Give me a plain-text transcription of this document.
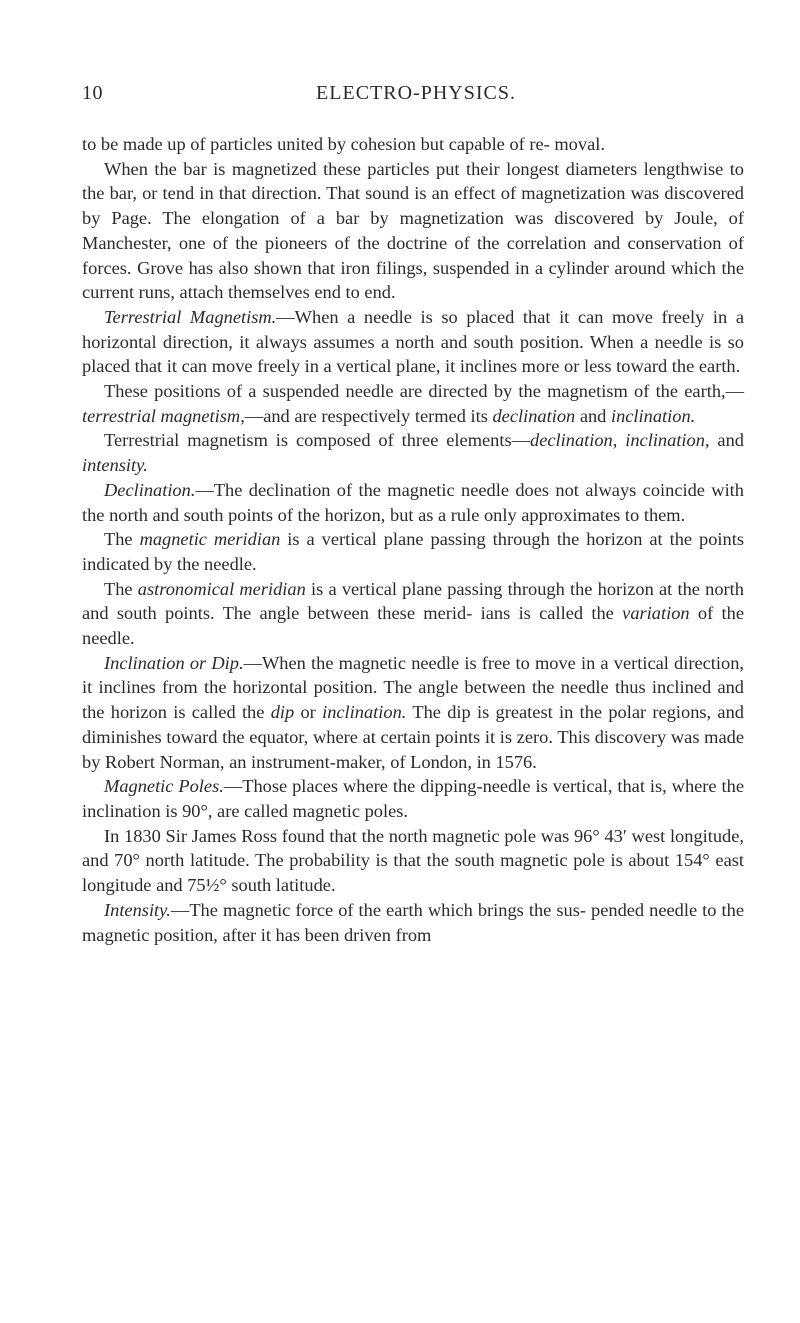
10	ELECTRO-PHYSICS.

to be made up of particles united by cohesion but capable of re- moval.

When the bar is magnetized these particles put their longest diameters lengthwise to the bar, or tend in that direction. That sound is an effect of magnetization was discovered by Page. The elongation of a bar by magnetization was discovered by Joule, of Manchester, one of the pioneers of the doctrine of the correlation and conservation of forces. Grove has also shown that iron filings, suspended in a cylinder around which the current runs, attach themselves end to end.

Terrestrial Magnetism.—When a needle is so placed that it can move freely in a horizontal direction, it always assumes a north and south position. When a needle is so placed that it can move freely in a vertical plane, it inclines more or less toward the earth.

These positions of a suspended needle are directed by the magnetism of the earth,—terrestrial magnetism,—and are respectively termed its declination and inclination.

Terrestrial magnetism is composed of three elements—declination, inclination, and intensity.

Declination.—The declination of the magnetic needle does not always coincide with the north and south points of the horizon, but as a rule only approximates to them.

The magnetic meridian is a vertical plane passing through the horizon at the points indicated by the needle.

The astronomical meridian is a vertical plane passing through the horizon at the north and south points. The angle between these merid- ians is called the variation of the needle.

Inclination or Dip.—When the magnetic needle is free to move in a vertical direction, it inclines from the horizontal position. The angle between the needle thus inclined and the horizon is called the dip or inclination. The dip is greatest in the polar regions, and diminishes toward the equator, where at certain points it is zero. This discovery was made by Robert Norman, an instrument-maker, of London, in 1576.

Magnetic Poles.—Those places where the dipping-needle is vertical, that is, where the inclination is 90°, are called magnetic poles.

In 1830 Sir James Ross found that the north magnetic pole was 96° 43′ west longitude, and 70° north latitude. The probability is that the south magnetic pole is about 154° east longitude and 75½° south latitude.

Intensity.—The magnetic force of the earth which brings the sus- pended needle to the magnetic position, after it has been driven from
